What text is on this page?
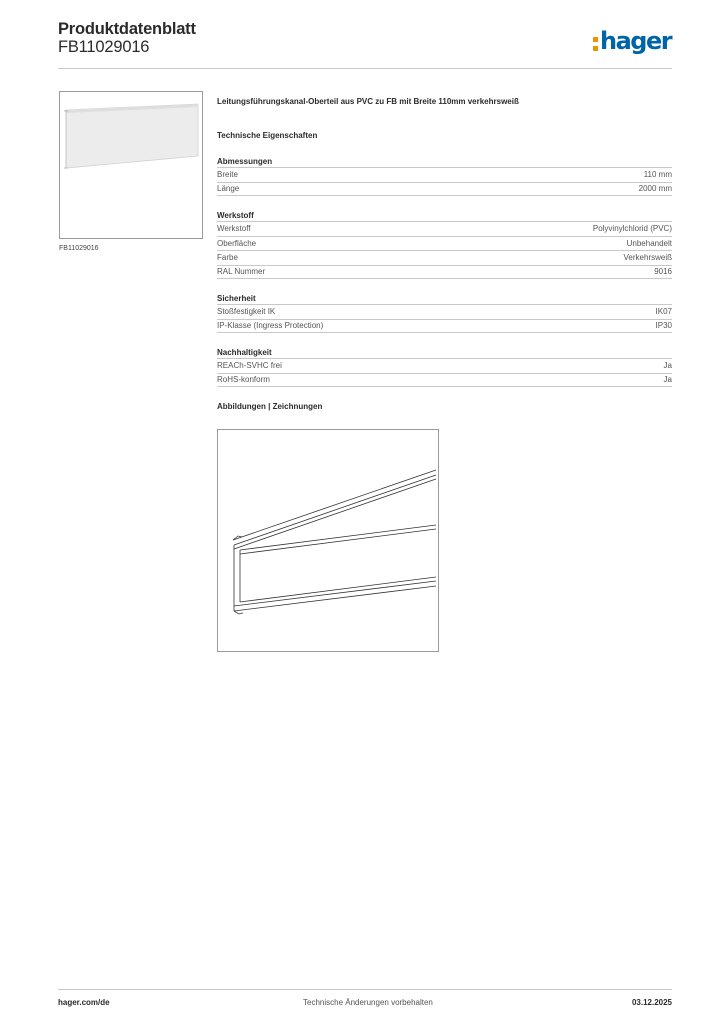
Produktdatenblatt
FB11029016	hager
FB11029016
Leitungsführungskanal-Oberteil aus PVC zu FB mit Breite 110mm verkehrsweiß
Technische Eigenschaften
Abmessungen
Breite	110 mm
Länge	2000 mm
Werkstoff
Werkstoff	Polyvinylchlorid (PVC)
Oberfläche	Unbehandelt
Farbe	Verkehrsweiß
RAL Nummer	9016
Sicherheit
Stoßfestigkeit IK	IK07
IP-Klasse (Ingress Protection)	IP30
Nachhaltigkeit
REACh-SVHC frei	Ja
RoHS-konform	Ja
Abbildungen | Zeichnungen
hager.com/de	Technische Änderungen vorbehalten	03.12.2025
